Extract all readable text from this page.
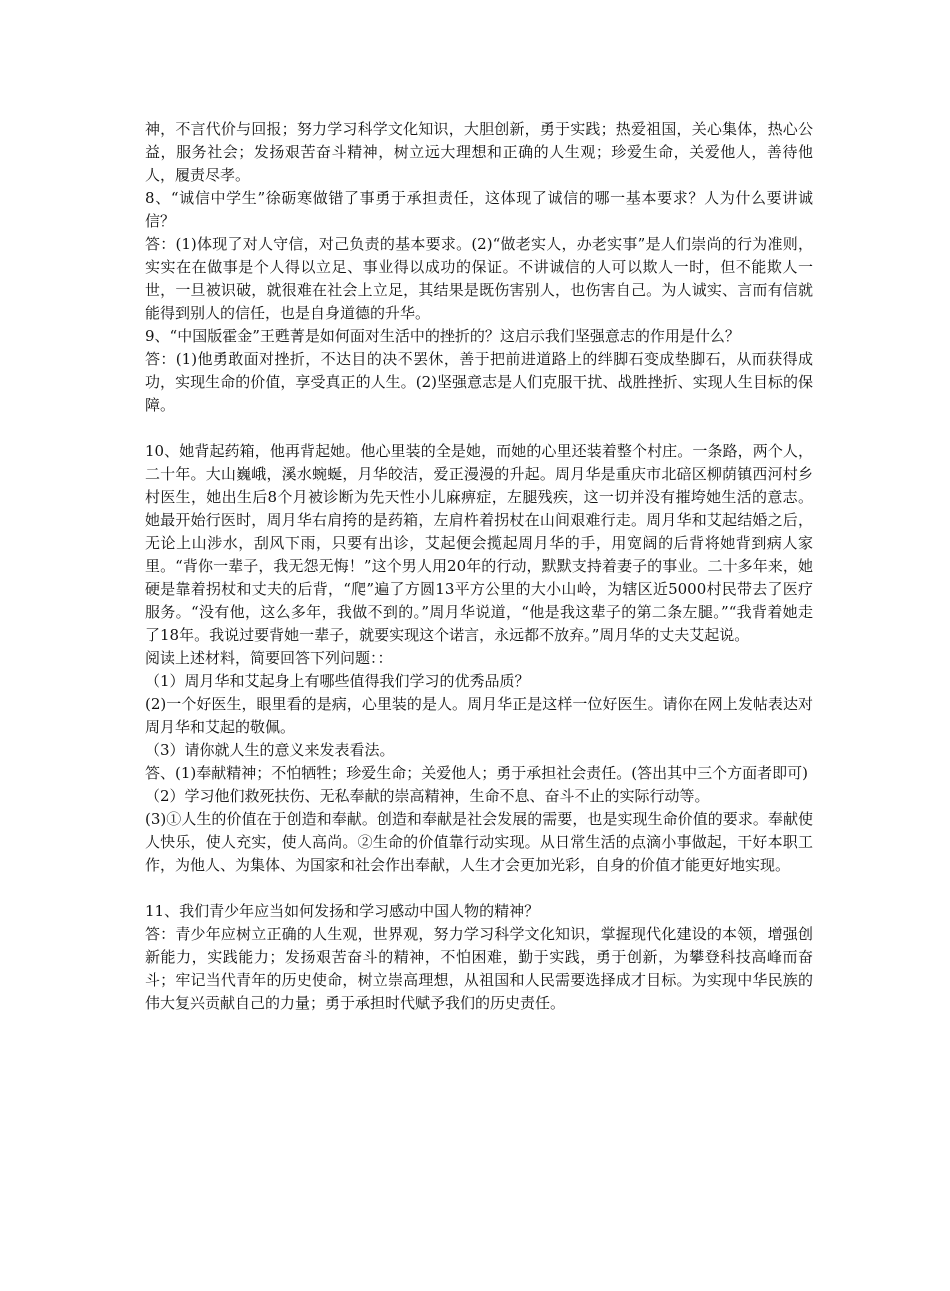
神，不言代价与回报；努力学习科学文化知识，大胆创新，勇于实践；热爱祖国，关心集体，热心公益，服务社会；发扬艰苦奋斗精神，树立远大理想和正确的人生观；珍爱生命，关爱他人，善待他人，履责尽孝。

8、“诚信中学生”徐砺寒做错了事勇于承担责任，这体现了诚信的哪一基本要求？人为什么要讲诚信？

答：(1)体现了对人守信，对己负责的基本要求。(2)“做老实人，办老实事”是人们崇尚的行为准则，实实在在做事是个人得以立足、事业得以成功的保证。不讲诚信的人可以欺人一时，但不能欺人一世，一旦被识破，就很难在社会上立足，其结果是既伤害别人，也伤害自己。为人诚实、言而有信就能得到别人的信任，也是自身道德的升华。

9、“中国版霍金”王甦菁是如何面对生活中的挫折的？这启示我们坚强意志的作用是什么？

答：(1)他勇敢面对挫折，不达目的决不罢休，善于把前进道路上的绊脚石变成垫脚石，从而获得成功，实现生命的价值，享受真正的人生。(2)坚强意志是人们克服干扰、战胜挫折、实现人生目标的保障。

10、她背起药箱，他再背起她。他心里装的全是她，而她的心里还装着整个村庄。一条路，两个人，二十年。大山巍峨，溪水蜿蜒，月华皎洁，爱正漫漫的升起。周月华是重庆市北碚区柳荫镇西河村乡村医生，她出生后8个月被诊断为先天性小儿麻痹症，左腿残疾，这一切并没有摧垮她生活的意志。她最开始行医时，周月华右肩挎的是药箱，左肩杵着拐杖在山间艰难行走。周月华和艾起结婚之后，无论上山涉水，刮风下雨，只要有出诊，艾起便会揽起周月华的手，用宽阔的后背将她背到病人家里。“背你一辈子，我无怨无悔！”这个男人用20年的行动，默默支持着妻子的事业。二十多年来，她硬是靠着拐杖和丈夫的后背，“爬”遍了方圆13平方公里的大小山岭，为辖区近5000村民带去了医疗服务。“没有他，这么多年，我做不到的。”周月华说道，“他是我这辈子的第二条左腿。”“我背着她走了18年。我说过要背她一辈子，就要实现这个诺言，永远都不放弃。”周月华的丈夫艾起说。

阅读上述材料，简要回答下列问题：：

（1）周月华和艾起身上有哪些值得我们学习的优秀品质？

(2)一个好医生，眼里看的是病，心里装的是人。周月华正是这样一位好医生。请你在网上发帖表达对周月华和艾起的敬佩。

（3）请你就人生的意义来发表看法。

答、(1)奉献精神；不怕牺牲；珍爱生命；关爱他人；勇于承担社会责任。(答出其中三个方面者即可)

（2）学习他们救死扶伤、无私奉献的崇高精神，生命不息、奋斗不止的实际行动等。

(3)①人生的价值在于创造和奉献。创造和奉献是社会发展的需要，也是实现生命价值的要求。奉献使人快乐，使人充实，使人高尚。②生命的价值靠行动实现。从日常生活的点滴小事做起，干好本职工作，为他人、为集体、为国家和社会作出奉献，人生才会更加光彩，自身的价值才能更好地实现。

11、我们青少年应当如何发扬和学习感动中国人物的精神？

答：青少年应树立正确的人生观，世界观，努力学习科学文化知识，掌握现代化建设的本领，增强创新能力，实践能力；发扬艰苦奋斗的精神，不怕困难，勤于实践，勇于创新，为攀登科技高峰而奋斗；牢记当代青年的历史使命，树立崇高理想，从祖国和人民需要选择成才目标。为实现中华民族的伟大复兴贡献自己的力量；勇于承担时代赋予我们的历史责任。
